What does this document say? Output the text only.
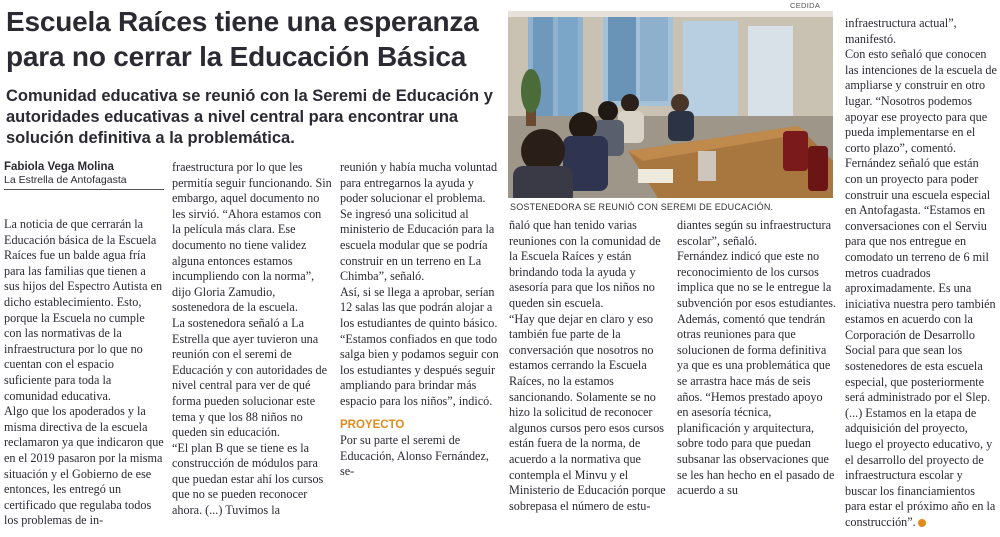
Escuela Raíces tiene una esperanza para no cerrar la Educación Básica
Comunidad educativa se reunió con la Seremi de Educación y autoridades educativas a nivel central para encontrar una solución definitiva a la problemática.
Fabiola Vega Molina
La Estrella de Antofagasta

La noticia de que cerrarán la Educación básica de la Escuela Raíces fue un balde agua fría para las familias que tienen a sus hijos del Espectro Autista en dicho establecimiento. Esto, porque la Escuela no cumple con las normativas de la infraestructura por lo que no cuentan con el espacio suficiente para toda la comunidad educativa.

Algo que los apoderados y la misma directiva de la escuela reclamaron ya que indicaron que en el 2019 pasaron por la misma situación y el Gobierno de ese entonces, les entregó un certificado que regulaba todos los problemas de in-

fraestructura por lo que les permitía seguir funcionando. Sin embargo, aquel documento no les sirvió. “Ahora estamos con la película más clara. Ese documento no tiene validez alguna entonces estamos incumpliendo con la norma”, dijo Gloria Zamudio, sostenedora de la escuela.

La sostenedora señaló a La Estrella que ayer tuvieron una reunión con el seremi de Educación y con autoridades de nivel central para ver de qué forma pueden solucionar este tema y que los 88 niños no queden sin educación.

“El plan B que se tiene es la construcción de módulos para que puedan estar ahí los cursos que no se pueden reconocer ahora. (...) Tuvimos la

reunión y había mucha voluntad para entregarnos la ayuda y poder solucionar el problema. Se ingresó una solicitud al ministerio de Educación para la escuela modular que se podría construir en un terreno en La Chimba”, señaló.

Así, si se llega a aprobar, serían 12 salas las que podrán alojar a los estudiantes de quinto básico. “Estamos confiados en que todo salga bien y podamos seguir con los estudiantes y después seguir ampliando para brindar más espacio para los niños”, indicó.

PROYECTO

Por su parte el seremi de Educación, Alonso Fernández, se-

CEDIDA
SOSTENEDORA SE REUNIÓ CON SEREMI DE EDUCACIÓN.

ñaló que han tenido varias reuniones con la comunidad de la Escuela Raíces y están brindando toda la ayuda y asesoría para que los niños no queden sin escuela.

“Hay que dejar en claro y eso también fue parte de la conversación que nosotros no estamos cerrando la Escuela Raíces, no la estamos sancionando. Solamente se no hizo la solicitud de reconocer algunos cursos pero esos cursos están fuera de la norma, de acuerdo a la normativa que contempla el Minvu y el Ministerio de Educación porque sobrepasa el número de estu-

diantes según su infraestructura escolar”, señaló.

Fernández indicó que este no reconocimiento de los cursos implica que no se le entregue la subvención por esos estudiantes.

Además, comentó que tendrán otras reuniones para que solucionen de forma definitiva ya que es una problemática que se arrastra hace más de seis años. “Hemos prestado apoyo en asesoría técnica, planificación y arquitectura, sobre todo para que puedan subsanar las observaciones que se les han hecho en el pasado de acuerdo a su

infraestructura actual”, manifestó.

Con esto señaló que conocen las intenciones de la escuela de ampliarse y construir en otro lugar. “Nosotros podemos apoyar ese proyecto para que pueda implementarse en el corto plazo”, comentó.

Fernández señaló que están con un proyecto para poder construir una escuela especial en Antofagasta. “Estamos en conversaciones con el Serviu para que nos entregue en comodato un terreno de 6 mil metros cuadrados aproximadamente. Es una iniciativa nuestra pero también estamos en acuerdo con la Corporación de Desarrollo Social para que sean los sostenedores de esta escuela especial, que posteriormente será administrado por el Slep. (...) Estamos en la etapa de adquisición del proyecto, luego el proyecto educativo, y el desarrollo del proyecto de infraestructura escolar y buscar los financiamientos para estar el próximo año en la construcción”.
